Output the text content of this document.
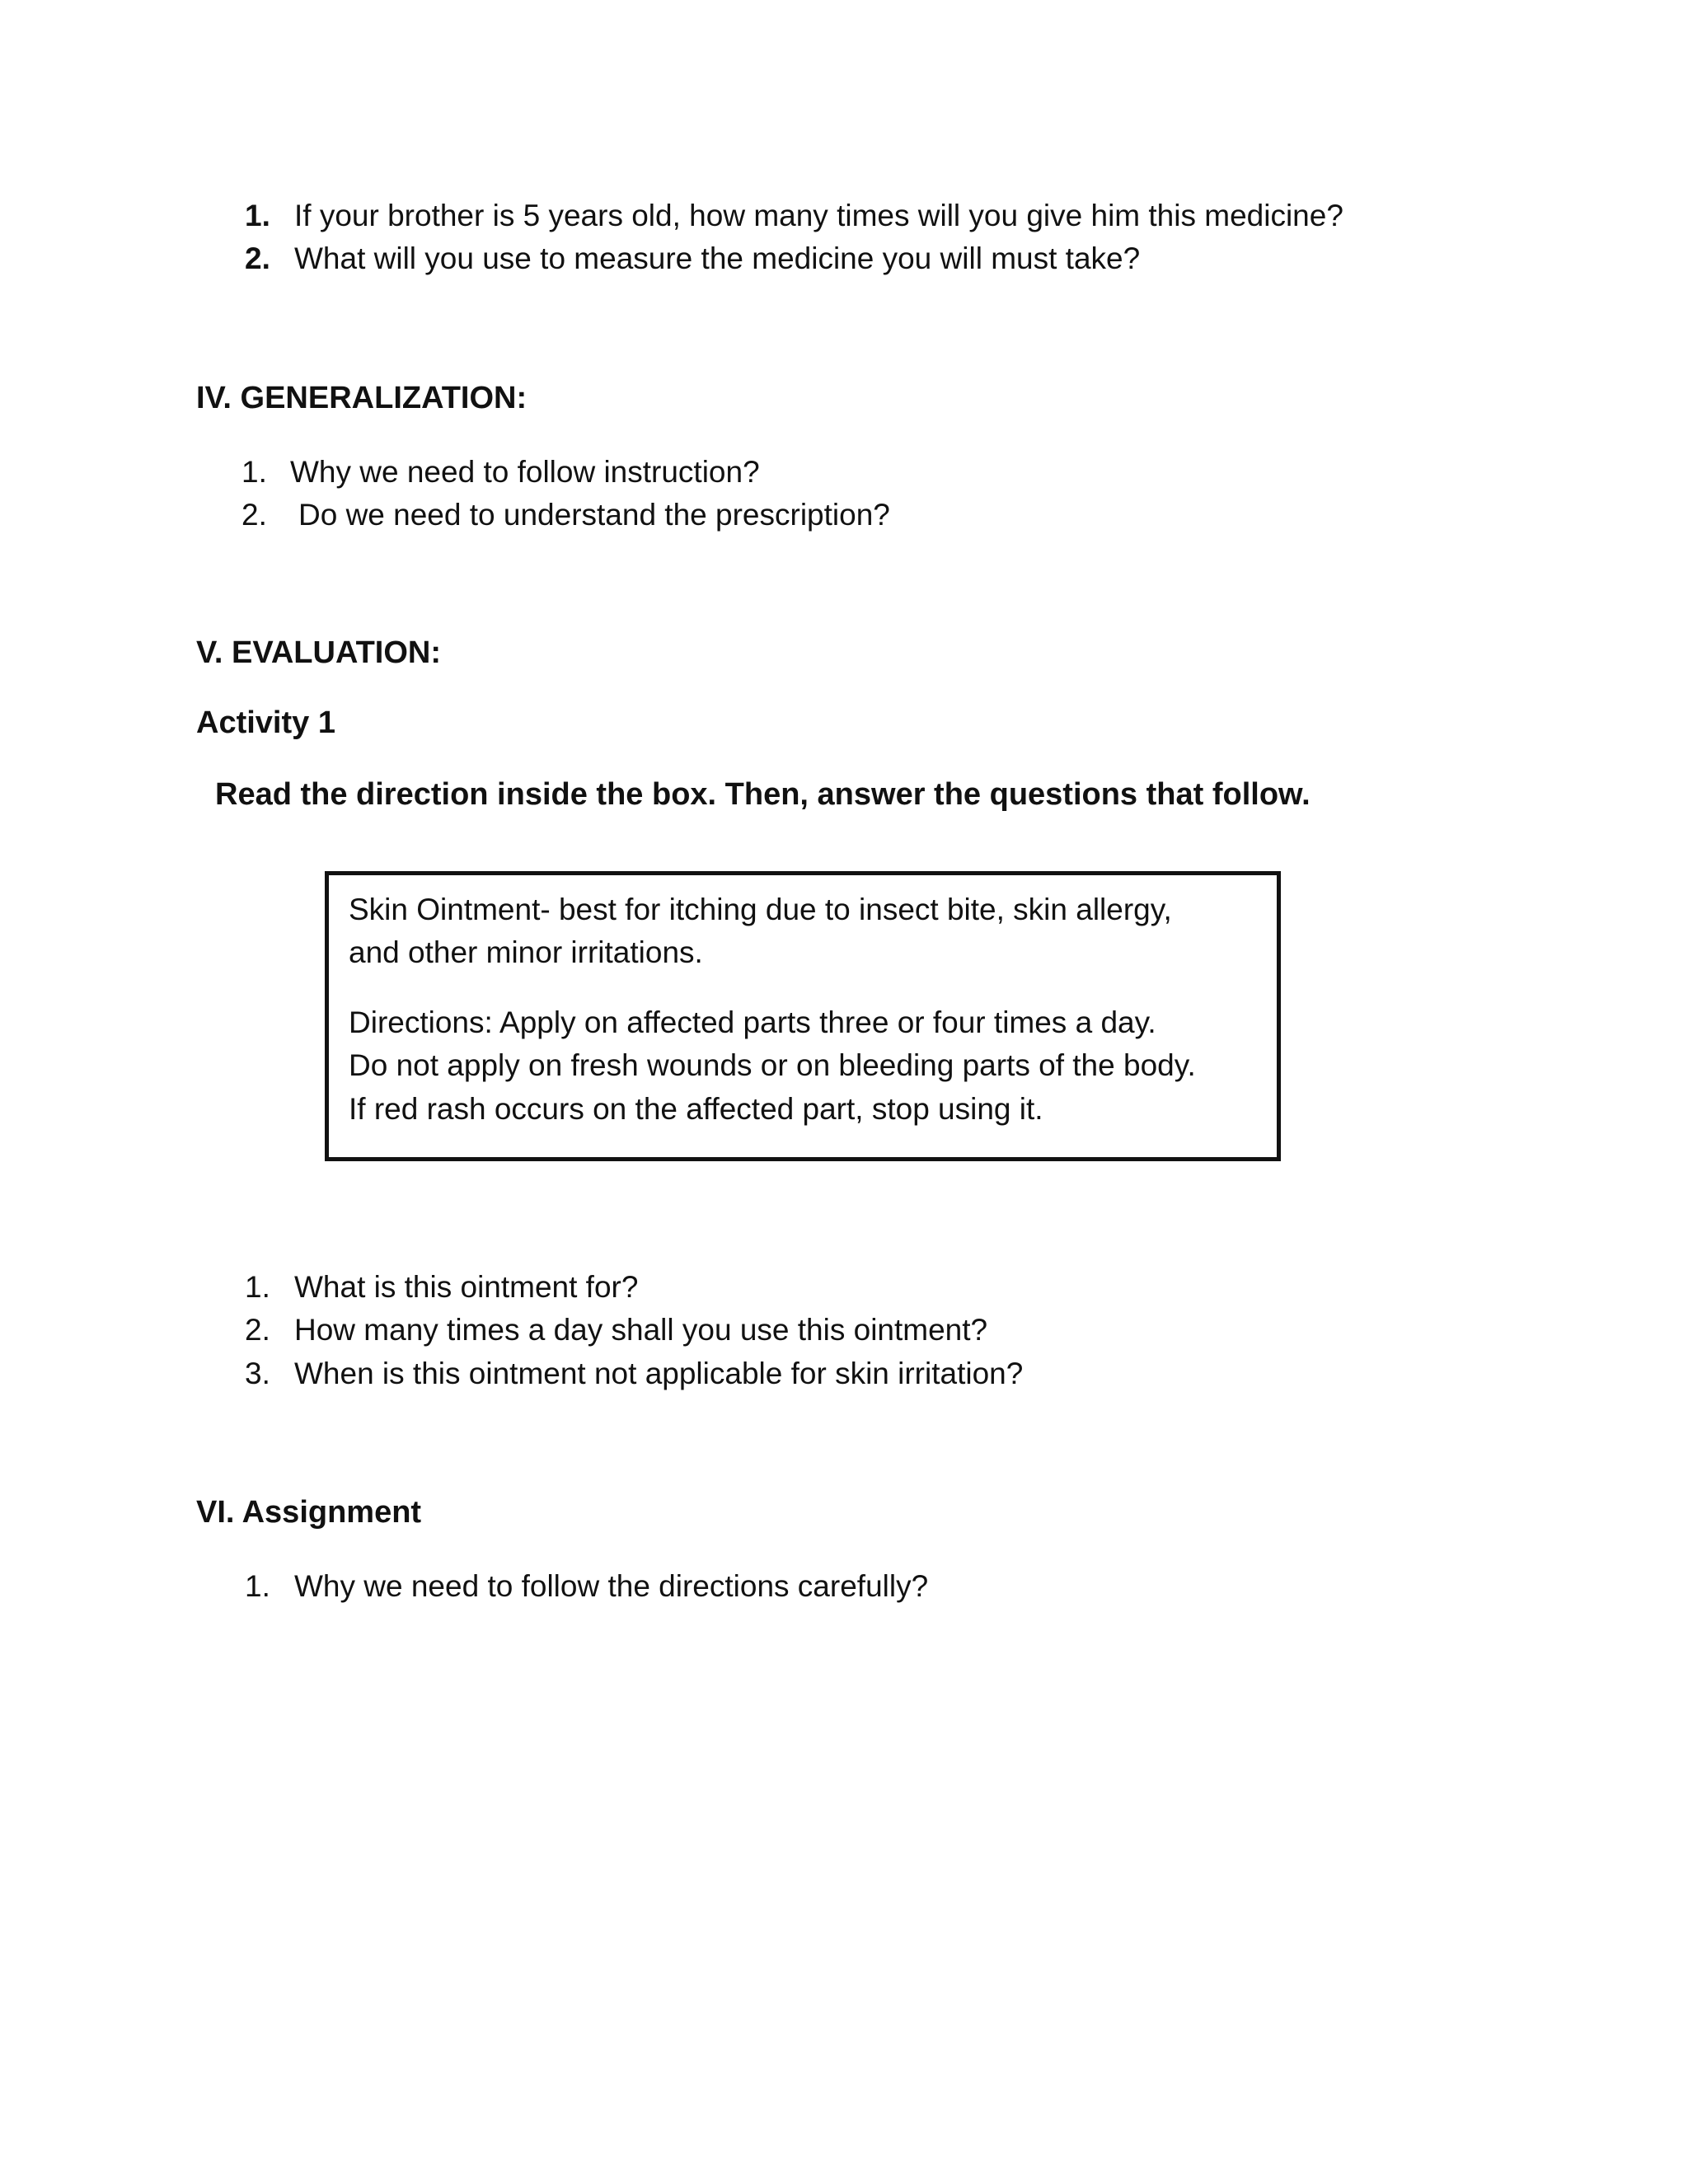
1. If your brother is 5 years old, how many times will you give him this medicine?

2. What will you use to measure the medicine you will must take?

IV. GENERALIZATION:
1. Why we need to follow instruction?

2. Do we need to understand the prescription?

V. EVALUATION:
Activity 1

Read the direction inside the box. Then, answer the questions that follow.

Skin Ointment- best for itching due to insect bite, skin allergy,

and other minor irritations.

Directions: Apply on affected parts three or four times a day.

Do not apply on fresh wounds or on bleeding parts of the body.

If red rash occurs on the affected part, stop using it.

1. What is this ointment for?

2. How many times a day shall you use this ointment?

3. When is this ointment not applicable for skin irritation?

VI. Assignment
1. Why we need to follow the directions carefully?
